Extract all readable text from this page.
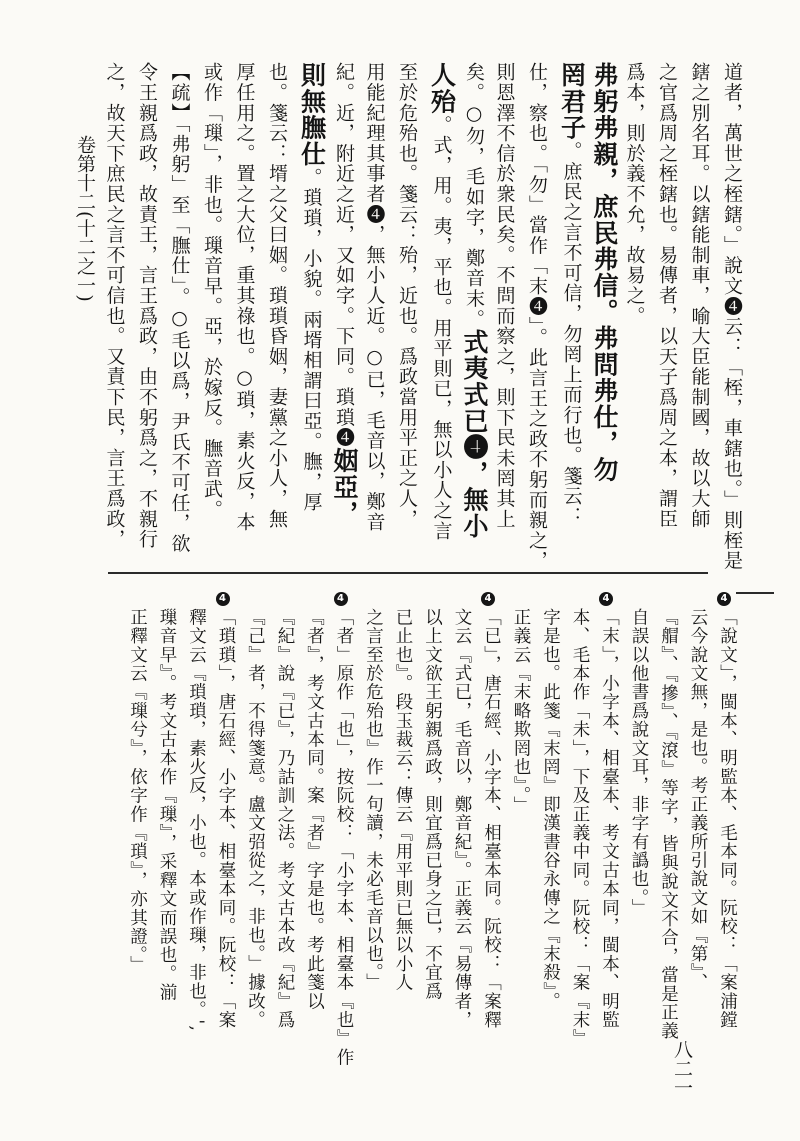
八二一
卷第十二(十二之一)	道者，萬世之桎鎋。」說文❹云：「桎，車鎋也。」則桎是
鎋之別名耳。以鎋能制車，喻大臣能制國，故以大師
之官爲周之桎鎋也。易傳者，以天子爲周之本，謂臣
爲本，則於義不允，故易之。
弗躬弗親，庶民弗信。弗問弗仕，勿
罔君子。庶民之言不可信，勿罔上而行也。箋云：
仕，察也。「勿」當作「末❹」。此言王之政不躬而親之，
則恩澤不信於衆民矣。不問而察之，則下民未罔其上
矣。○勿，毛如字，鄭音末。式夷式已❹，無小
人殆。式，用。夷，平也。用平則已，無以小人之言
至於危殆也。箋云：殆，近也。爲政當用平正之人，
用能紀理其事者❹，無小人近。○已，毛音以，鄭音
紀。近，附近之近，又如字。下同。瑣瑣❹姻亞，
則無膴仕。瑣瑣，小貌。兩壻相謂曰亞。膴，厚
也。箋云：壻之父曰姻。瑣瑣昏姻，妻黨之小人，無
厚任用之。置之大位，重其祿也。○瑣，素火反，本
或作「璅」，非也。璅音早。亞，於嫁反。膴音武。
【疏】「弗躬」至「膴仕」。○毛以爲，尹氏不可任，欲
令王親爲政，故責王，言王爲政，由不躬爲之，不親行
之，故天下庶民之言不可信也。又責下民，言王爲政，
「說文」，閩本、明監本、毛本同。阮校：「案浦鏜
4
云今說文無，是也。考正義所引說文如『第』、
『艒』、『摻』、『滾』等字，皆與說文不合，當是正義
自誤以他書爲說文耳，非字有譌也。」
「末」，小字本、相臺本、考文古本同，閩本、明監
4
本、毛本作「未」，下及正義中同。阮校：「案『末』
字是也。此箋『末罔』即漢書谷永傳之『末殺』。
正義云『末略欺罔也』。」
「已」，唐石經、小字本、相臺本同。阮校：「案釋
4
文云『式已，毛音以，鄭音紀』。正義云『易傳者，
以上文欲王躬親爲政，則宜爲已身之已，不宜爲
已止也』。段玉裁云：傳云『用平則已無以小人
之言至於危殆也』作一句讀，未必毛音以也。」
「者」原作「也」，按阮校：「小字本、相臺本『也』作
4
『者』，考文古本同。案『者』字是也。考此箋以
『紀』說『已』，乃詁訓之法。考文古本改『紀』爲
『己』者，不得箋意。盧文弨從之，非也。」據改。
「瑣瑣」，唐石經、小字本、相臺本同。阮校：「案
4
釋文云『瑣瑣，素火反，小也。本或作璅，非也。',
璅音早』。考文古本作『璅』，采釋文而誤也。湔
正釋文云『璅兮』，依字作『瑣』，亦其證。」
